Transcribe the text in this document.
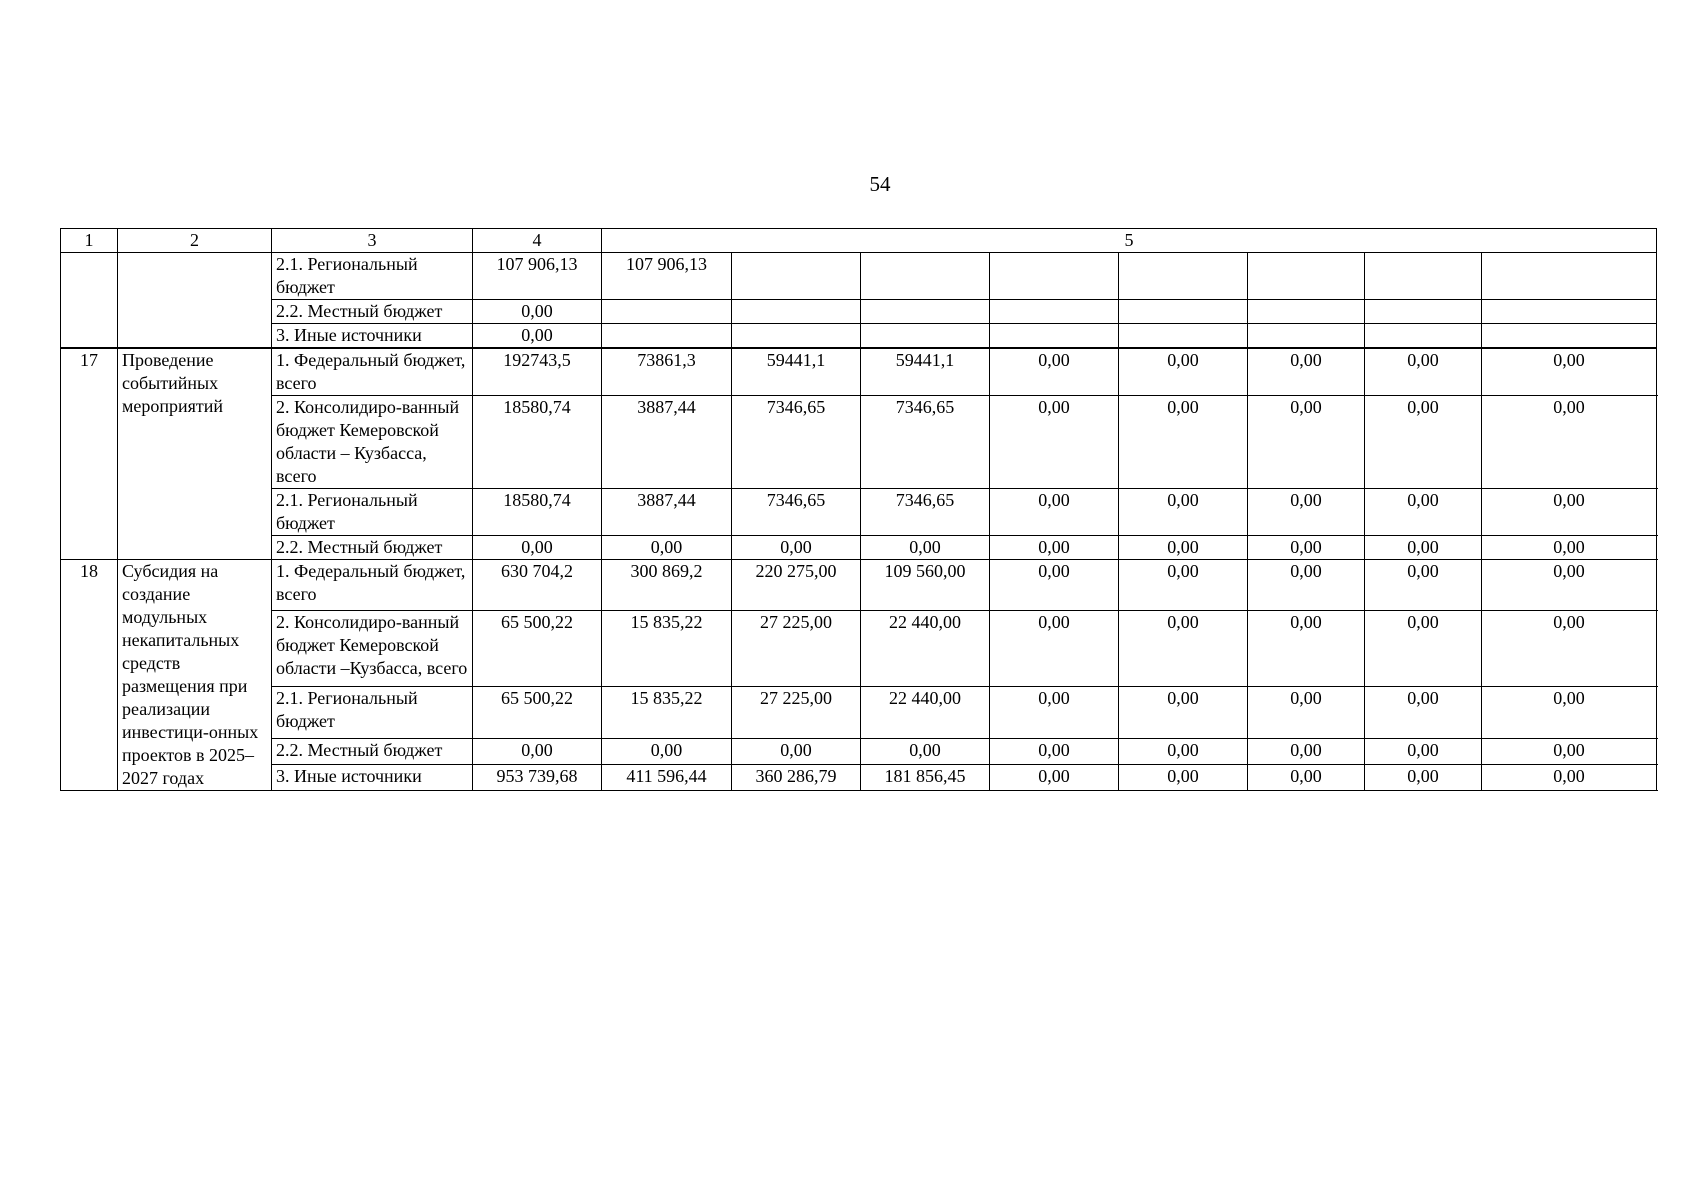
54
1	2	3	4	5								
		2.1. Региональный бюджет	107 906,13	107 906,13								
		2.2. Местный бюджет	0,00									
		3. Иные источники	0,00									
17	Проведение событийных мероприятий	1. Федеральный бюджет, всего	192743,5	73861,3	59441,1	59441,1	0,00	0,00	0,00	0,00	0,00	
		2. Консолидиро-ванный бюджет Кемеровской области – Кузбасса, всего	18580,74	3887,44	7346,65	7346,65	0,00	0,00	0,00	0,00	0,00	
		2.1. Региональный бюджет	18580,74	3887,44	7346,65	7346,65	0,00	0,00	0,00	0,00	0,00	
		2.2. Местный бюджет	0,00	0,00	0,00	0,00	0,00	0,00	0,00	0,00	0,00	
18	Субсидия на создание модульных некапитальных средств размещения при реализации инвестици-онных проектов в 2025–2027 годах	1. Федеральный бюджет, всего	630 704,2	300 869,2	220 275,00	109 560,00	0,00	0,00	0,00	0,00	0,00	
		2. Консолидиро-ванный бюджет Кемеровской области –Кузбасса, всего	65 500,22	15 835,22	27 225,00	22 440,00	0,00	0,00	0,00	0,00	0,00	
		2.1. Региональный бюджет	65 500,22	15 835,22	27 225,00	22 440,00	0,00	0,00	0,00	0,00	0,00	
		2.2. Местный бюджет	0,00	0,00	0,00	0,00	0,00	0,00	0,00	0,00	0,00	
		3. Иные источники	953 739,68	411 596,44	360 286,79	181 856,45	0,00	0,00	0,00	0,00	0,00	
